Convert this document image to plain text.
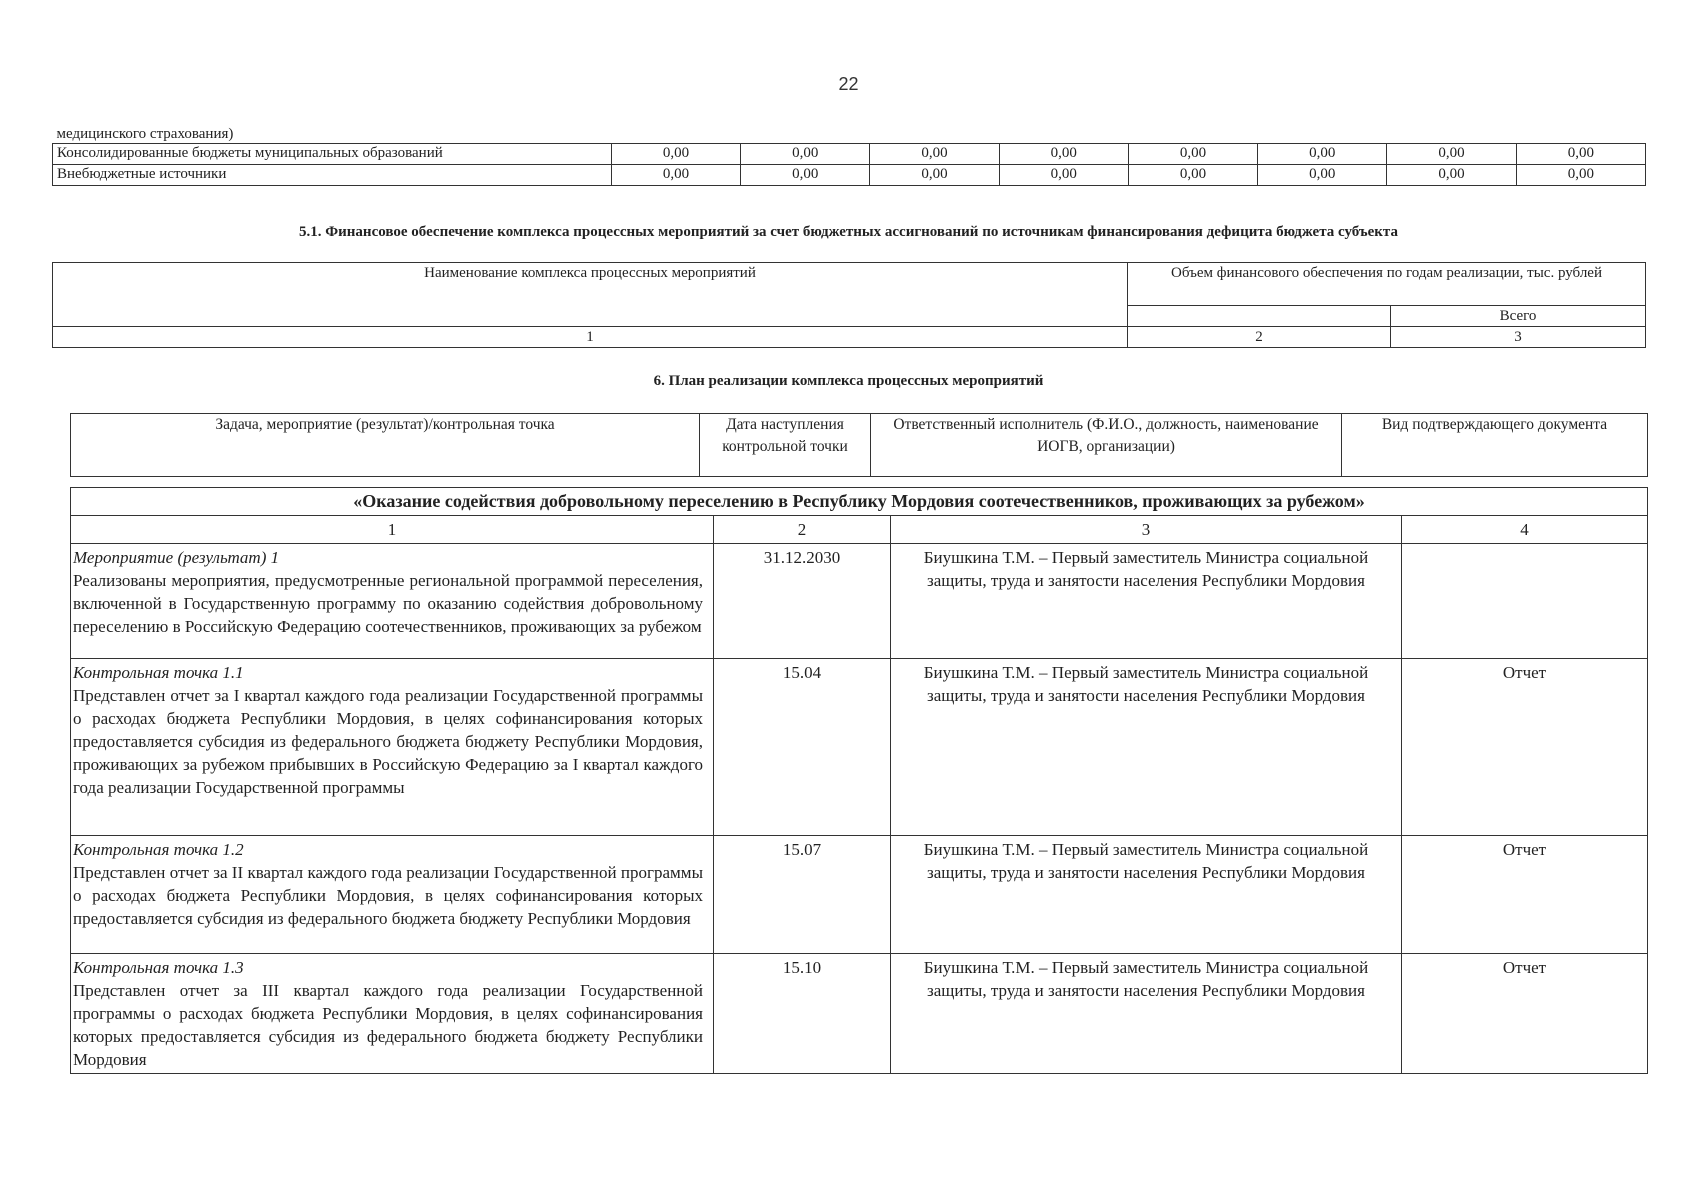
22
медицинского страхования)								
Консолидированные бюджеты муниципальных образований	0,00	0,00	0,00	0,00	0,00	0,00	0,00	0,00
Внебюджетные источники	0,00	0,00	0,00	0,00	0,00	0,00	0,00	0,00
5.1. Финансовое обеспечение комплекса процессных мероприятий за счет бюджетных ассигнований по источникам финансирования дефицита бюджета субъекта
Наименование комплекса процессных мероприятий	Объем финансового обеспечения по годам реализации, тыс. рублей	
		Всего
1	2	3
6. План реализации комплекса процессных мероприятий
Задача, мероприятие (результат)/контрольная точка	Дата наступления контрольной точки	Ответственный исполнитель (Ф.И.О., должность, наименование ИОГВ, организации)	Вид подтверждающего документа
«Оказание содействия добровольному переселению в Республику Мордовия соотечественников, проживающих за рубежом»			
1	2	3	4

Мероприятие (результат) 1
Реализованы мероприятия, предусмотренные региональной программой переселения, включенной в Государственную программу по оказанию содействия добровольному переселению в Российскую Федерацию соотечественников, проживающих за рубежом	31.12.2030	Биушкина Т.М. – Первый заместитель Министра социальной защиты, труда и занятости населения Республики Мордовия	

Контрольная точка 1.1
Представлен отчет за I квартал каждого года реализации Государственной программы о расходах бюджета Республики Мордовия, в целях софинансирования которых предоставляется субсидия из федерального бюджета бюджету Республики Мордовия, проживающих за рубежом прибывших в Российскую Федерацию за I квартал каждого года реализации Государственной программы	15.04	Биушкина Т.М. – Первый заместитель Министра социальной защиты, труда и занятости населения Республики Мордовия	Отчет

Контрольная точка 1.2
Представлен отчет за II квартал каждого года реализации Государственной программы о расходах бюджета Республики Мордовия, в целях софинансирования которых предоставляется субсидия из федерального бюджета бюджету Республики Мордовия	15.07	Биушкина Т.М. – Первый заместитель Министра социальной защиты, труда и занятости населения Республики Мордовия	Отчет

Контрольная точка 1.3
Представлен отчет за III квартал каждого года реализации Государственной программы о расходах бюджета Республики Мордовия, в целях софинансирования которых предоставляется субсидия из федерального бюджета бюджету Республики Мордовия	15.10	Биушкина Т.М. – Первый заместитель Министра социальной защиты, труда и занятости населения Республики Мордовия	Отчет
